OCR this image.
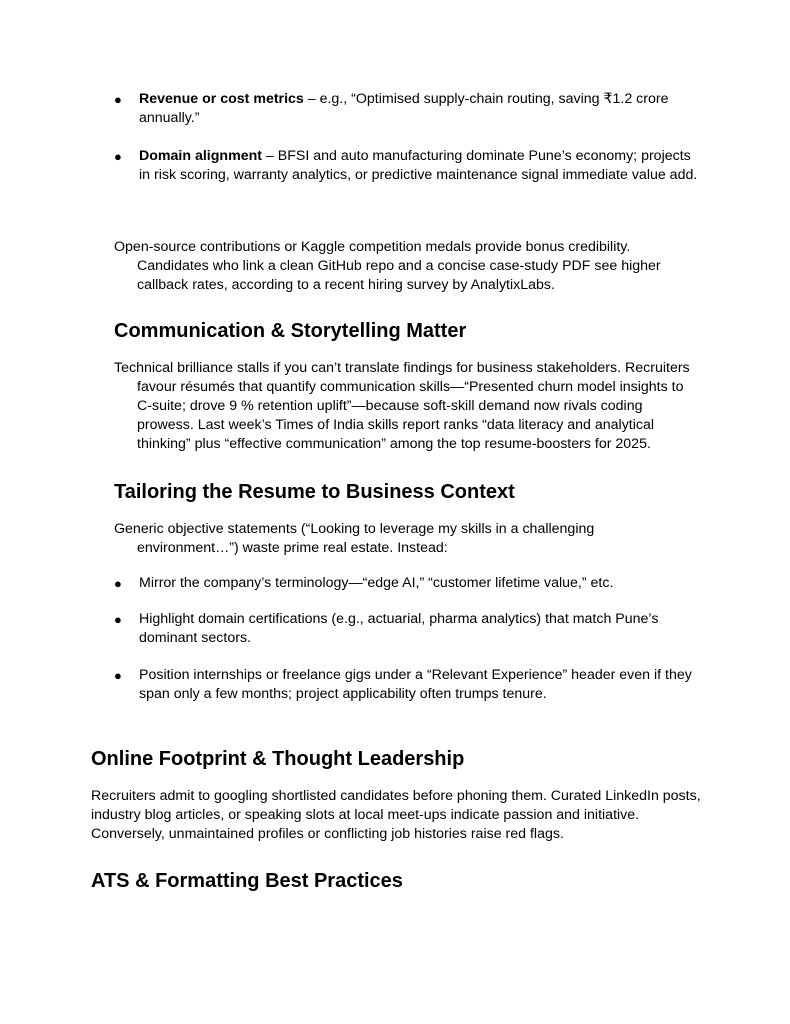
● Revenue or cost metrics – e.g., “Optimised supply-chain routing, saving ₹1.2 crore annually.”
● Domain alignment – BFSI and auto manufacturing dominate Pune’s economy; projects in risk scoring, warranty analytics, or predictive maintenance signal immediate value add.
Open-source contributions or Kaggle competition medals provide bonus credibility. Candidates who link a clean GitHub repo and a concise case-study PDF see higher callback rates, according to a recent hiring survey by AnalytixLabs.
Communication & Storytelling Matter
Technical brilliance stalls if you can’t translate findings for business stakeholders. Recruiters favour résumés that quantify communication skills—“Presented churn model insights to C-suite; drove 9 % retention uplift”—because soft-skill demand now rivals coding prowess. Last week’s Times of India skills report ranks “data literacy and analytical thinking” plus “effective communication” among the top resume-boosters for 2025.
Tailoring the Resume to Business Context
Generic objective statements (“Looking to leverage my skills in a challenging environment…”) waste prime real estate. Instead:
● Mirror the company’s terminology—“edge AI,” “customer lifetime value,” etc.
● Highlight domain certifications (e.g., actuarial, pharma analytics) that match Pune’s dominant sectors.
● Position internships or freelance gigs under a “Relevant Experience” header even if they span only a few months; project applicability often trumps tenure.
Online Footprint & Thought Leadership
Recruiters admit to googling shortlisted candidates before phoning them. Curated LinkedIn posts, industry blog articles, or speaking slots at local meet-ups indicate passion and initiative. Conversely, unmaintained profiles or conflicting job histories raise red flags.
ATS & Formatting Best Practices
